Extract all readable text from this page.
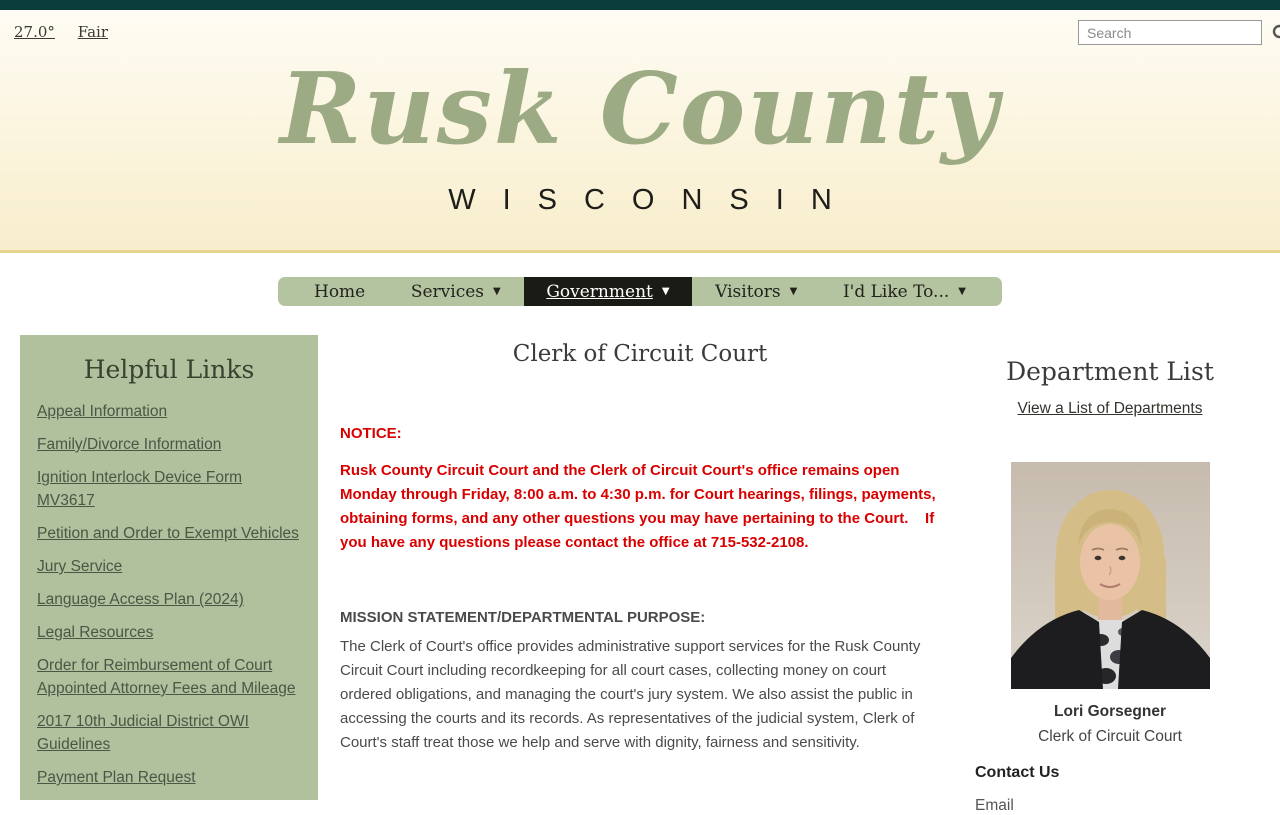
27.0° Fair
Search
Rusk County
WISCONSIN
Home	Services ▼	Government ▼	Visitors ▼	I'd Like To... ▼
Helpful Links
Appeal Information
Family/Divorce Information
Ignition Interlock Device Form MV3617
Petition and Order to Exempt Vehicles
Jury Service
Language Access Plan (2024)
Legal Resources
Order for Reimbursement of Court Appointed Attorney Fees and Mileage
2017 10th Judicial District OWI Guidelines
Payment Plan Request
Clerk of Circuit Court
NOTICE:
Rusk County Circuit Court and the Clerk of Circuit Court's office remains open Monday through Friday, 8:00 a.m. to 4:30 p.m. for Court hearings, filings, payments, obtaining forms, and any other questions you may have pertaining to the Court.    If you have any questions please contact the office at 715-532-2108.
MISSION STATEMENT/DEPARTMENTAL PURPOSE:
The Clerk of Court's office provides administrative support services for the Rusk County Circuit Court including recordkeeping for all court cases, collecting money on court ordered obligations, and managing the court's jury system. We also assist the public in accessing the courts and its records. As representatives of the judicial system, Clerk of Court's staff treat those we help and serve with dignity, fairness and sensitivity.
Department List
View a List of Departments
Lori Gorsegner
Clerk of Circuit Court
Contact Us
Email
